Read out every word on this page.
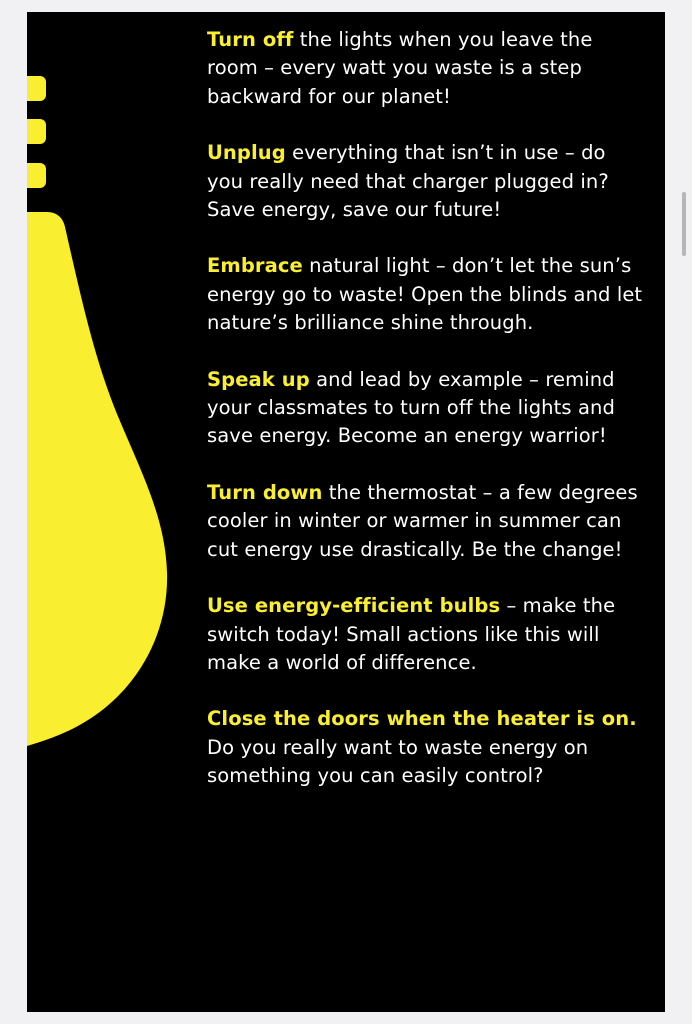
Turn off the lights when you leave the room – every watt you waste is a step backward for our planet!
Unplug everything that isn’t in use – do you really need that charger plugged in? Save energy, save our future!
Embrace natural light – don’t let the sun’s energy go to waste! Open the blinds and let nature’s brilliance shine through.
Speak up and lead by example – remind your classmates to turn off the lights and save energy. Become an energy warrior!
Turn down the thermostat – a few degrees cooler in winter or warmer in summer can cut energy use drastically. Be the change!
Use energy-efficient bulbs – make the switch today! Small actions like this will make a world of difference.
Close the doors when the heater is on. Do you really want to waste energy on something you can easily control?
